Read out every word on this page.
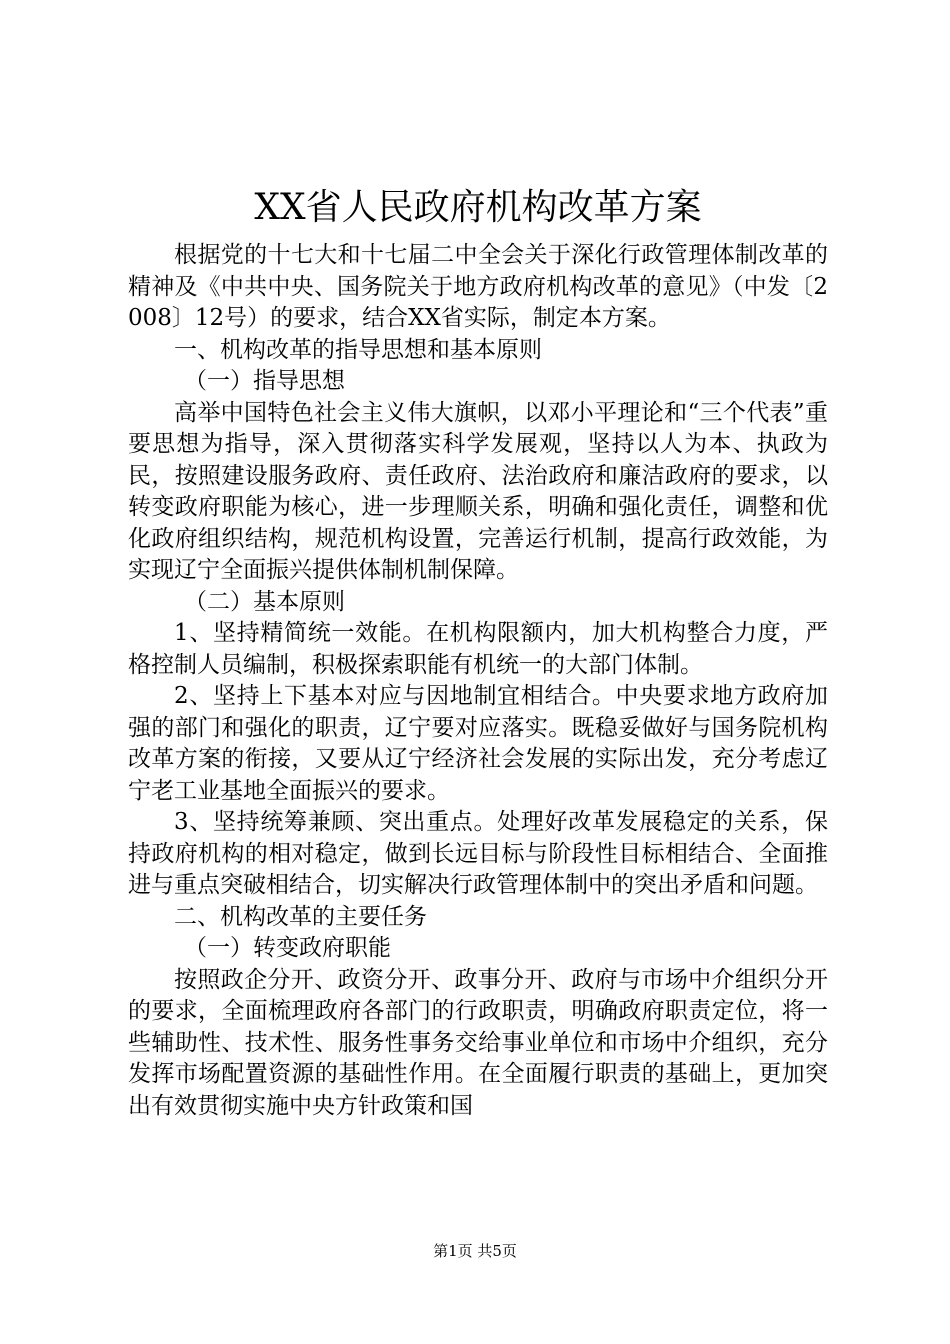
XX省人民政府机构改革方案

根据党的十七大和十七届二中全会关于深化行政管理体制改革的精神及《中共中央、国务院关于地方政府机构改革的意见》（中发〔2008〕12号）的要求，结合XX省实际，制定本方案。

一、机构改革的指导思想和基本原则

（一）指导思想

高举中国特色社会主义伟大旗帜，以邓小平理论和“三个代表”重要思想为指导，深入贯彻落实科学发展观，坚持以人为本、执政为民，按照建设服务政府、责任政府、法治政府和廉洁政府的要求，以转变政府职能为核心，进一步理顺关系，明确和强化责任，调整和优化政府组织结构，规范机构设置，完善运行机制，提高行政效能，为实现辽宁全面振兴提供体制机制保障。

（二）基本原则

1、坚持精简统一效能。在机构限额内，加大机构整合力度，严格控制人员编制，积极探索职能有机统一的大部门体制。

2、坚持上下基本对应与因地制宜相结合。中央要求地方政府加强的部门和强化的职责，辽宁要对应落实。既稳妥做好与国务院机构改革方案的衔接，又要从辽宁经济社会发展的实际出发，充分考虑辽宁老工业基地全面振兴的要求。

3、坚持统筹兼顾、突出重点。处理好改革发展稳定的关系，保持政府机构的相对稳定，做到长远目标与阶段性目标相结合、全面推进与重点突破相结合，切实解决行政管理体制中的突出矛盾和问题。

二、机构改革的主要任务

（一）转变政府职能

按照政企分开、政资分开、政事分开、政府与市场中介组织分开的要求，全面梳理政府各部门的行政职责，明确政府职责定位，将一些辅助性、技术性、服务性事务交给事业单位和市场中介组织，充分发挥市场配置资源的基础性作用。在全面履行职责的基础上，更加突出有效贯彻实施中央方针政策和国

第1页 共5页
